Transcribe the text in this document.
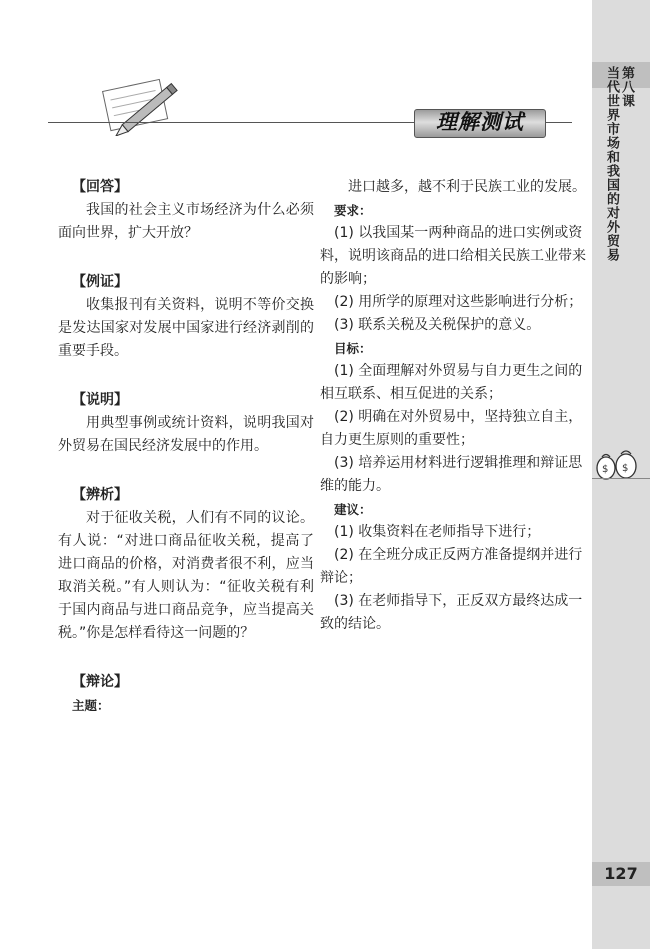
第八课
当代世界市场和我国的对外贸易
$ $
127
理解测试
【回答】
我国的社会主义市场经济为什么必须面向世界，扩大开放？
【例证】
收集报刊有关资料，说明不等价交换是发达国家对发展中国家进行经济剥削的重要手段。
【说明】
用典型事例或统计资料，说明我国对外贸易在国民经济发展中的作用。
【辨析】
对于征收关税，人们有不同的议论。有人说：“对进口商品征收关税，提高了进口商品的价格，对消费者很不利，应当取消关税。”有人则认为：“征收关税有利于国内商品与进口商品竞争，应当提高关税。”你是怎样看待这一问题的？
【辩论】
主题：
进口越多，越不利于民族工业的发展。
要求：
(1) 以我国某一两种商品的进口实例或资料，说明该商品的进口给相关民族工业带来的影响；
(2) 用所学的原理对这些影响进行分析；
(3) 联系关税及关税保护的意义。
目标：
(1) 全面理解对外贸易与自力更生之间的相互联系、相互促进的关系；
(2) 明确在对外贸易中，坚持独立自主，自力更生原则的重要性；
(3) 培养运用材料进行逻辑推理和辩证思维的能力。
建议：
(1) 收集资料在老师指导下进行；
(2) 在全班分成正反两方准备提纲并进行辩论；
(3) 在老师指导下，正反双方最终达成一致的结论。
